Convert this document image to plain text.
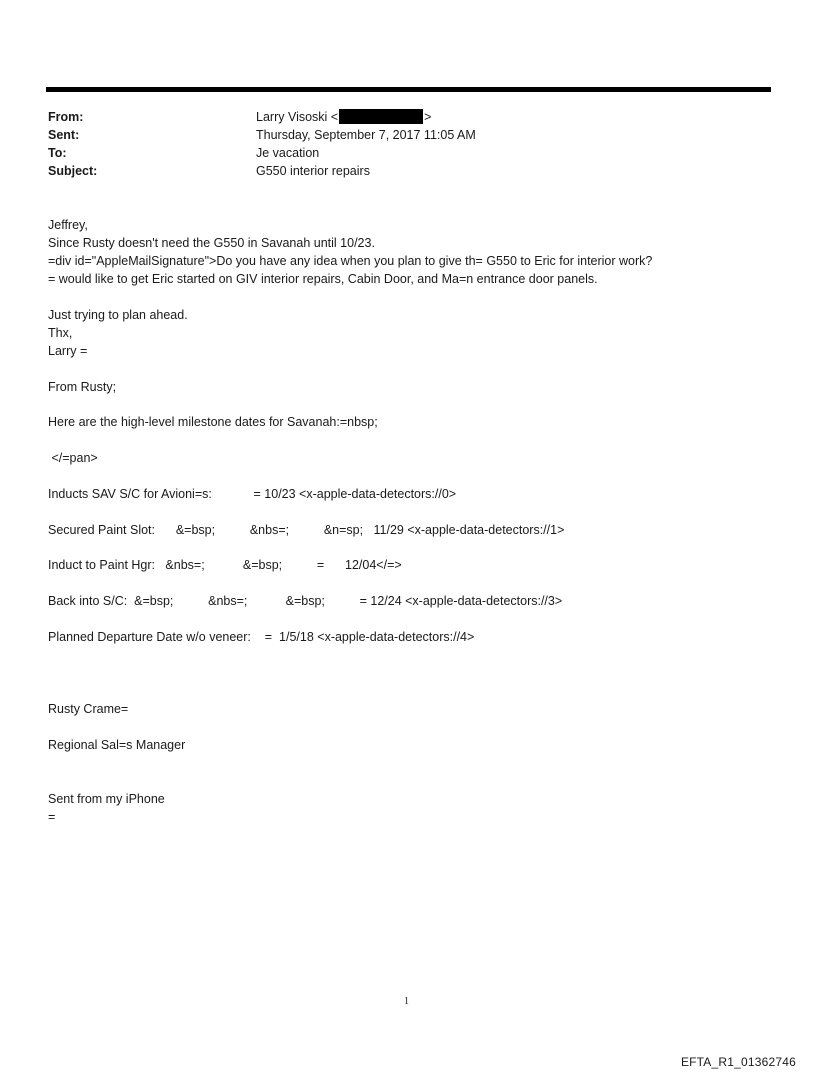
From:	Larry Visoski <	>
Sent:	Thursday, September 7, 2017 11:05 AM
To:	Je vacation
Subject:	G550 interior repairs
Jeffrey,
Since Rusty doesn't need the G550 in Savanah until 10/23.
=div id="AppleMailSignature">Do you have any idea when you plan to give th= G550 to Eric for interior work?
= would like to get Eric started on GIV interior repairs, Cabin Door, and Ma=n entrance door panels.
Just trying to plan ahead.
Thx,
Larry =
From Rusty;
Here are the high-level milestone dates for Savanah:=nbsp;
</=pan>
Inducts SAV S/C for Avioni=s:            = 10/23 <x-apple-data-detectors://0>
Secured Paint Slot:      &=bsp;          &nbs=;          &n=sp;   11/29 <x-apple-data-detectors://1>
Induct to Paint Hgr:   &nbs=;           &=bsp;          =      12/04</=>
Back into S/C:  &=bsp;          &nbs=;           &=bsp;          = 12/24 <x-apple-data-detectors://3>
Planned Departure Date w/o veneer:    =  1/5/18 <x-apple-data-detectors://4>
Rusty Crame=
Regional Sal=s Manager
Sent from my iPhone
=
1
EFTA_R1_01362746
